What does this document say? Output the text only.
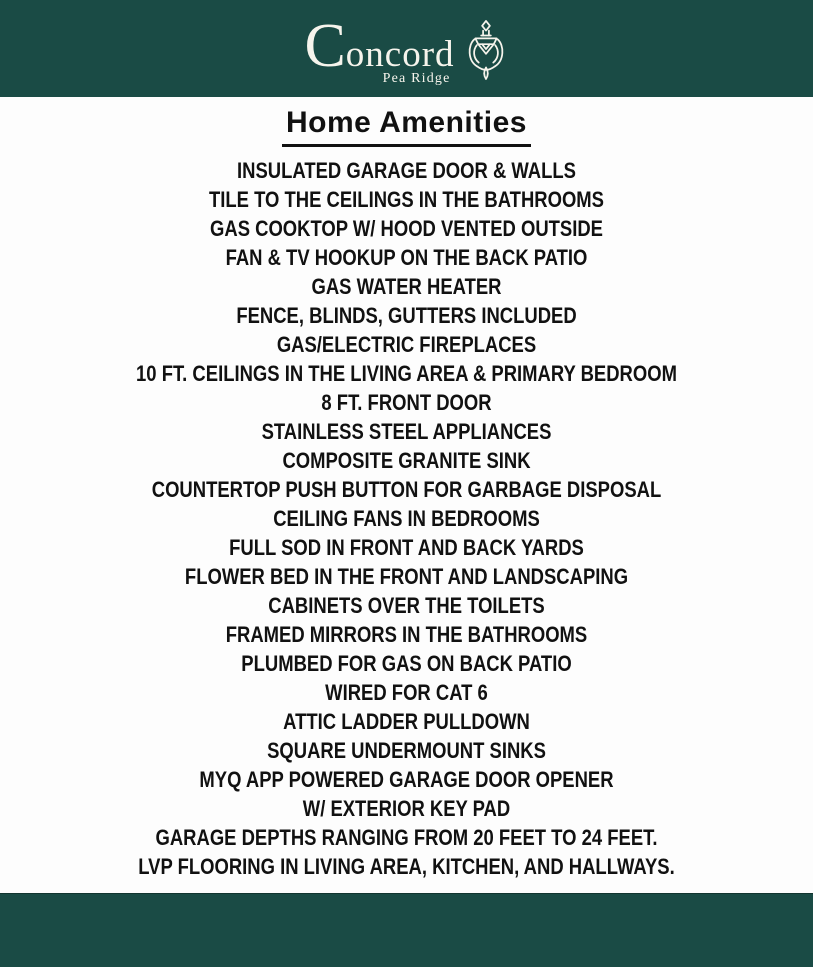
Concord
Pea Ridge
Home Amenities
INSULATED GARAGE DOOR & WALLS
TILE TO THE CEILINGS IN THE BATHROOMS
GAS COOKTOP W/ HOOD VENTED OUTSIDE
FAN & TV HOOKUP ON THE BACK PATIO
GAS WATER HEATER
FENCE, BLINDS, GUTTERS INCLUDED
GAS/ELECTRIC FIREPLACES
10 FT. CEILINGS IN THE LIVING AREA & PRIMARY BEDROOM
8 FT. FRONT DOOR
STAINLESS STEEL APPLIANCES
COMPOSITE GRANITE SINK
COUNTERTOP PUSH BUTTON FOR GARBAGE DISPOSAL
CEILING FANS IN BEDROOMS
FULL SOD IN FRONT AND BACK YARDS
FLOWER BED IN THE FRONT AND LANDSCAPING
CABINETS OVER THE TOILETS
FRAMED MIRRORS IN THE BATHROOMS
PLUMBED FOR GAS ON BACK PATIO
WIRED FOR CAT 6
ATTIC LADDER PULLDOWN
SQUARE UNDERMOUNT SINKS
MYQ APP POWERED GARAGE DOOR OPENER
W/ EXTERIOR KEY PAD
GARAGE DEPTHS RANGING FROM 20 FEET TO 24 FEET.
LVP FLOORING IN LIVING AREA, KITCHEN, AND HALLWAYS.
